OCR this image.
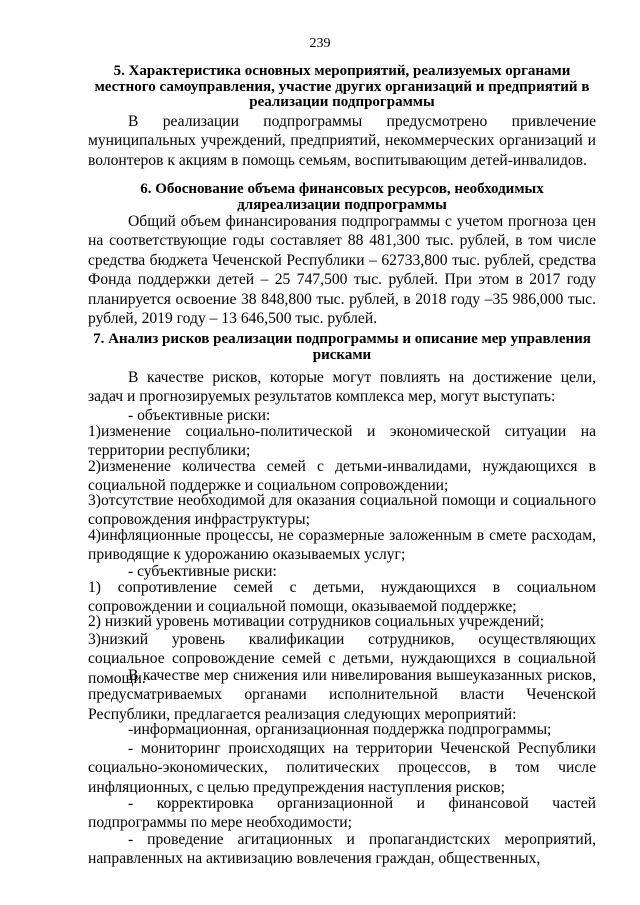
239
5. Характеристика основных мероприятий, реализуемых органами местного самоуправления, участие других организаций и предприятий в реализации подпрограммы
В реализации подпрограммы предусмотрено привлечение муниципальных учреждений, предприятий, некоммерческих организаций и волонтеров к акциям в помощь семьям, воспитывающим детей-инвалидов.
6. Обоснование объема финансовых ресурсов, необходимых дляреализации подпрограммы
Общий объем финансирования подпрограммы с учетом прогноза цен на соответствующие годы составляет 88 481,300 тыс. рублей, в том числе средства бюджета Чеченской Республики – 62733,800 тыс. рублей, средства Фонда поддержки детей – 25 747,500 тыс. рублей. При этом в 2017 году планируется освоение 38 848,800 тыс. рублей, в 2018 году –35 986,000 тыс. рублей, 2019 году – 13 646,500 тыс. рублей.
7. Анализ рисков реализации подпрограммы и описание мер управления рисками
В качестве рисков, которые могут повлиять на достижение цели, задач и прогнозируемых результатов комплекса мер, могут выступать:
- объективные риски:
1)изменение социально-политической и экономической ситуации на территории республики;
2)изменение количества семей с детьми-инвалидами, нуждающихся в социальной поддержке и социальном сопровождении;
3)отсутствие необходимой для оказания социальной помощи и социального сопровождения инфраструктуры;
4)инфляционные процессы, не соразмерные заложенным в смете расходам, приводящие к удорожанию оказываемых услуг;
- субъективные риски:
1) сопротивление семей с детьми, нуждающихся в социальном сопровождении и социальной помощи, оказываемой поддержке;
2) низкий уровень мотивации сотрудников социальных учреждений;
3)низкий уровень квалификации сотрудников, осуществляющих социальное сопровождение семей с детьми, нуждающихся в социальной помощи.
В качестве мер снижения или нивелирования вышеуказанных рисков, предусматриваемых органами исполнительной власти Чеченской Республики, предлагается реализация следующих мероприятий:
-информационная, организационная поддержка подпрограммы;
- мониторинг происходящих на территории Чеченской Республики социально-экономических, политических процессов, в том числе инфляционных, с целью предупреждения наступления рисков;
- корректировка организационной и финансовой частей подпрограммы по мере необходимости;
- проведение агитационных и пропагандистских мероприятий, направленных на активизацию вовлечения граждан, общественных,
